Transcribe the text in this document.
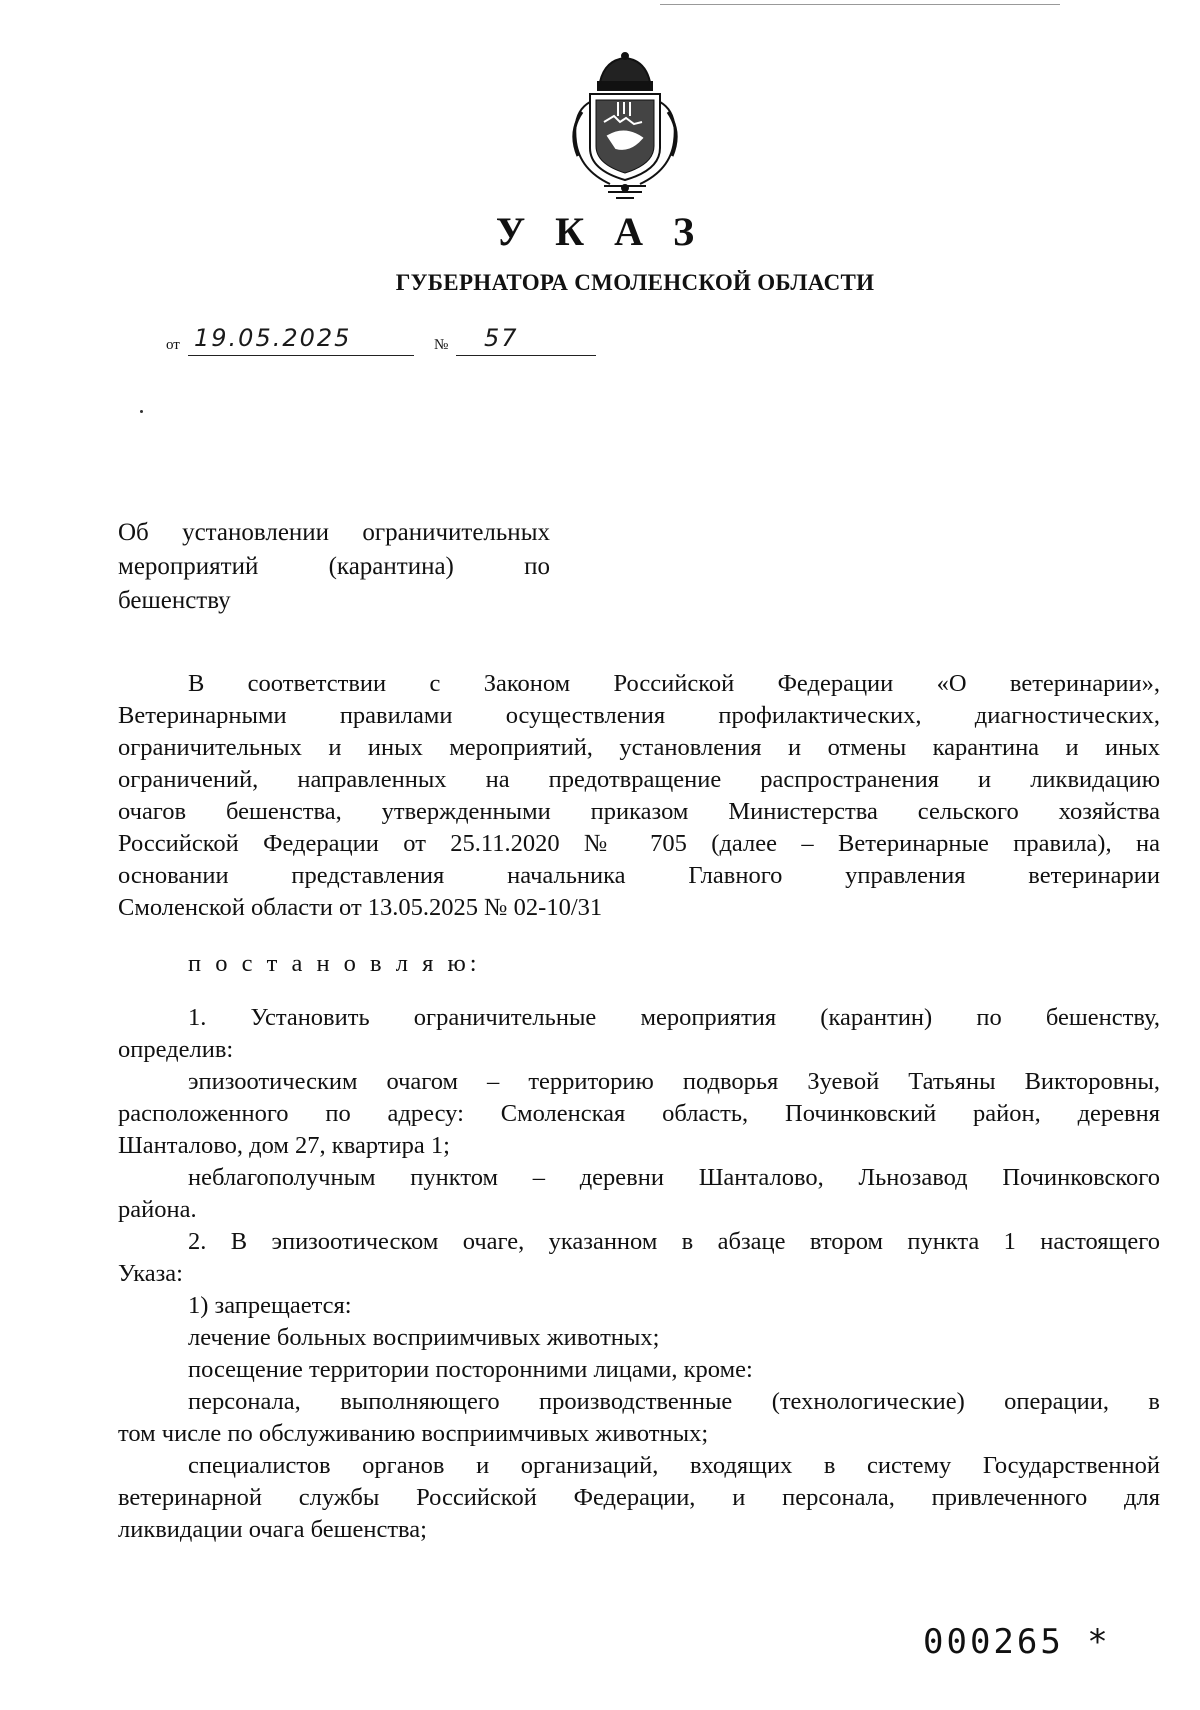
У К А З
ГУБЕРНАТОРА СМОЛЕНСКОЙ ОБЛАСТИ
от 19.05.2025	№ 57
Об установлении ограничительных
мероприятий (карантина) по
бешенству

В соответствии с Законом Российской Федерации «О ветеринарии»,

Ветеринарными правилами осуществления профилактических, диагностических,

ограничительных и иных мероприятий, установления и отмены карантина и иных

ограничений, направленных на предотвращение распространения и ликвидацию

очагов бешенства, утвержденными приказом Министерства сельского хозяйства

Российской Федерации от 25.11.2020 № 705 (далее – Ветеринарные правила), на

основании представления начальника Главного управления ветеринарии

Смоленской области от 13.05.2025 № 02-10/31

п о с т а н о в л я ю:

1. Установить ограничительные мероприятия (карантин) по бешенству,

определив:

эпизоотическим очагом – территорию подворья Зуевой Татьяны Викторовны,

расположенного по адресу: Смоленская область, Починковский район, деревня

Шанталово, дом 27, квартира 1;

неблагополучным пунктом – деревни Шанталово, Льнозавод Починковского

района.

2. В эпизоотическом очаге, указанном в абзаце втором пункта 1 настоящего

Указа:

1) запрещается:

лечение больных восприимчивых животных;

посещение территории посторонними лицами, кроме:

персонала, выполняющего производственные (технологические) операции, в

том числе по обслуживанию восприимчивых животных;

специалистов органов и организаций, входящих в систему Государственной

ветеринарной службы Российской Федерации, и персонала, привлеченного для

ликвидации очага бешенства;

000265 *
